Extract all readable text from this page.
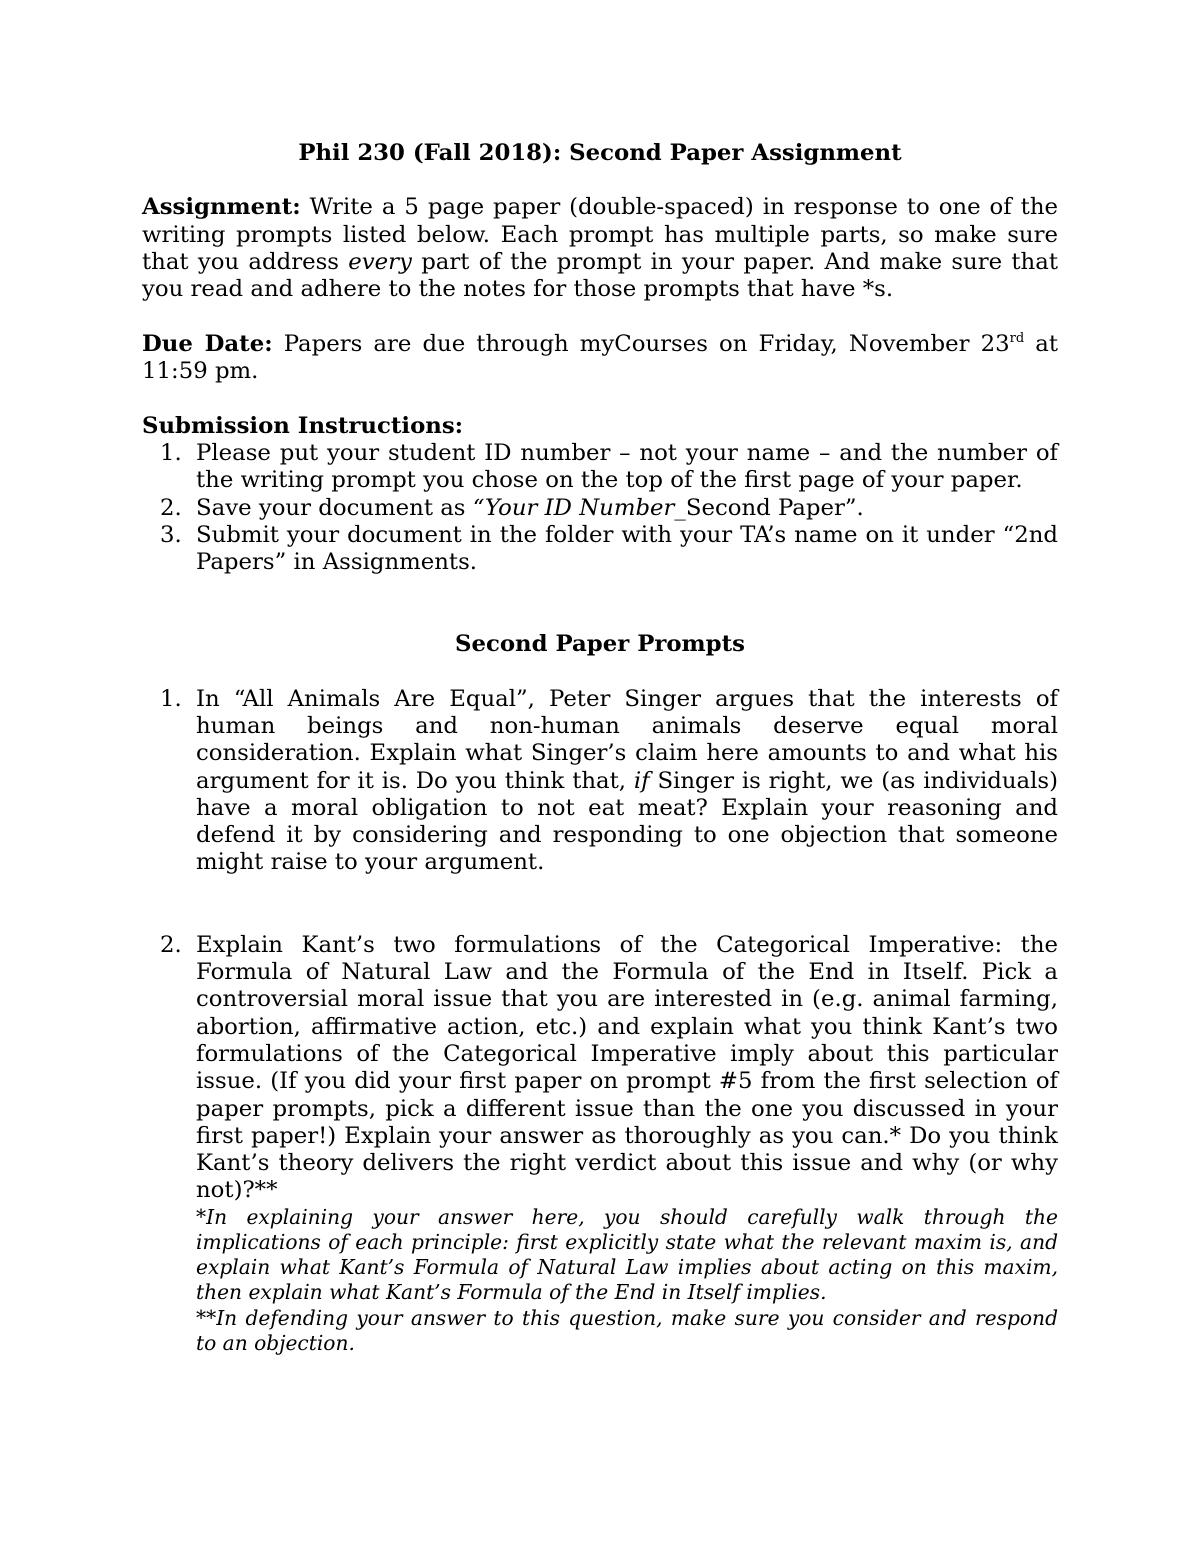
Phil 230 (Fall 2018): Second Paper Assignment

Assignment: Write a 5 page paper (double-spaced) in response to one of the writing prompts listed below. Each prompt has multiple parts, so make sure that you address every part of the prompt in your paper. And make sure that you read and adhere to the notes for those prompts that have *s.

Due Date: Papers are due through myCourses on Friday, November 23rd at 11:59 pm.

Submission Instructions:

1. Please put your student ID number – not your name – and the number of the writing prompt you chose on the top of the first page of your paper.
2. Save your document as “Your ID Number_Second Paper”.
3. Submit your document in the folder with your TA’s name on it under “2nd Papers” in Assignments.

Second Paper Prompts

1. In “All Animals Are Equal”, Peter Singer argues that the interests of human beings and non-human animals deserve equal moral consideration. Explain what Singer’s claim here amounts to and what his argument for it is. Do you think that, if Singer is right, we (as individuals) have a moral obligation to not eat meat? Explain your reasoning and defend it by considering and responding to one objection that someone might raise to your argument.
2. Explain Kant’s two formulations of the Categorical Imperative: the Formula of Natural Law and the Formula of the End in Itself. Pick a controversial moral issue that you are interested in (e.g. animal farming, abortion, affirmative action, etc.) and explain what you think Kant’s two formulations of the Categorical Imperative imply about this particular issue. (If you did your first paper on prompt #5 from the first selection of paper prompts, pick a different issue than the one you discussed in your first paper!) Explain your answer as thoroughly as you can.* Do you think Kant’s theory delivers the right verdict about this issue and why (or why not)?**

*In explaining your answer here, you should carefully walk through the implications of each principle: first explicitly state what the relevant maxim is, and explain what Kant’s Formula of Natural Law implies about acting on this maxim, then explain what Kant’s Formula of the End in Itself implies.

**In defending your answer to this question, make sure you consider and respond to an objection.
